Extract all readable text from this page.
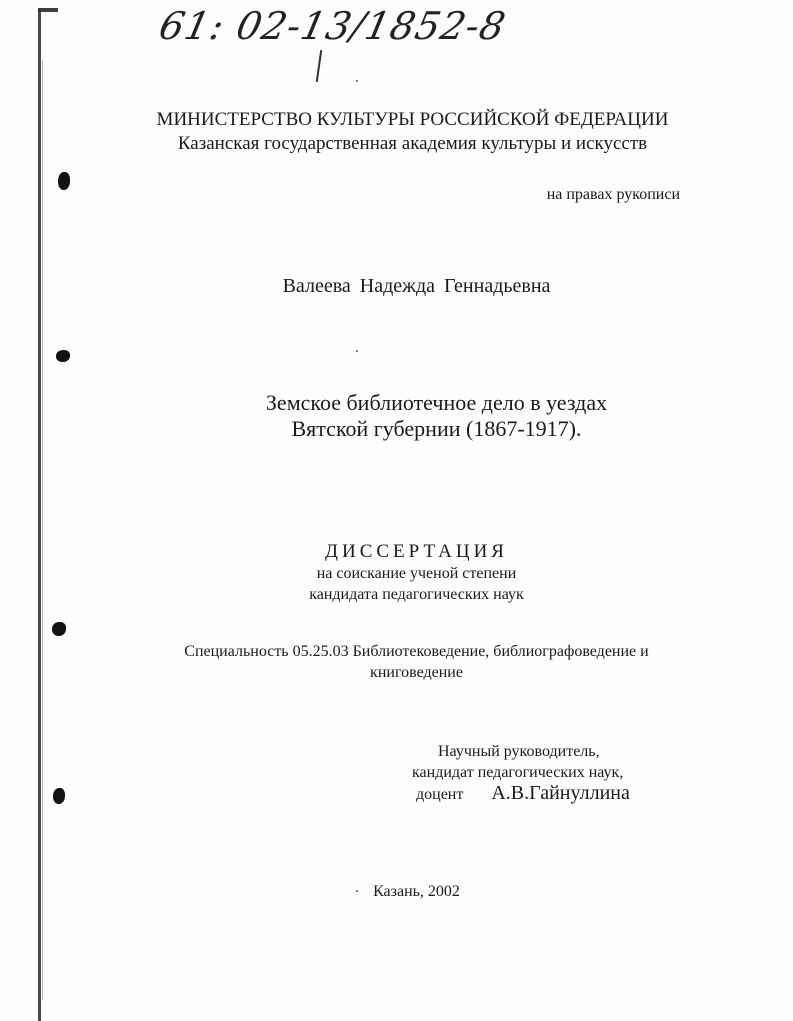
61: 02-13/1852-8
МИНИСТЕРСТВО КУЛЬТУРЫ РОССИЙСКОЙ ФЕДЕРАЦИИ
Казанская государственная академия культуры и искусств
на правах рукописи
Валеева Надежда Геннадьевна
Земское библиотечное дело в уездах
Вятской губернии (1867-1917).
ДИССЕРТАЦИЯ
на соискание ученой степени
кандидата педагогических наук
Специальность 05.25.03 Библиотековедение, библиографоведение и
книговедение
Научный руководитель,
кандидат педагогических наук,
доцент А.В.Гайнуллина
Казань, 2002
